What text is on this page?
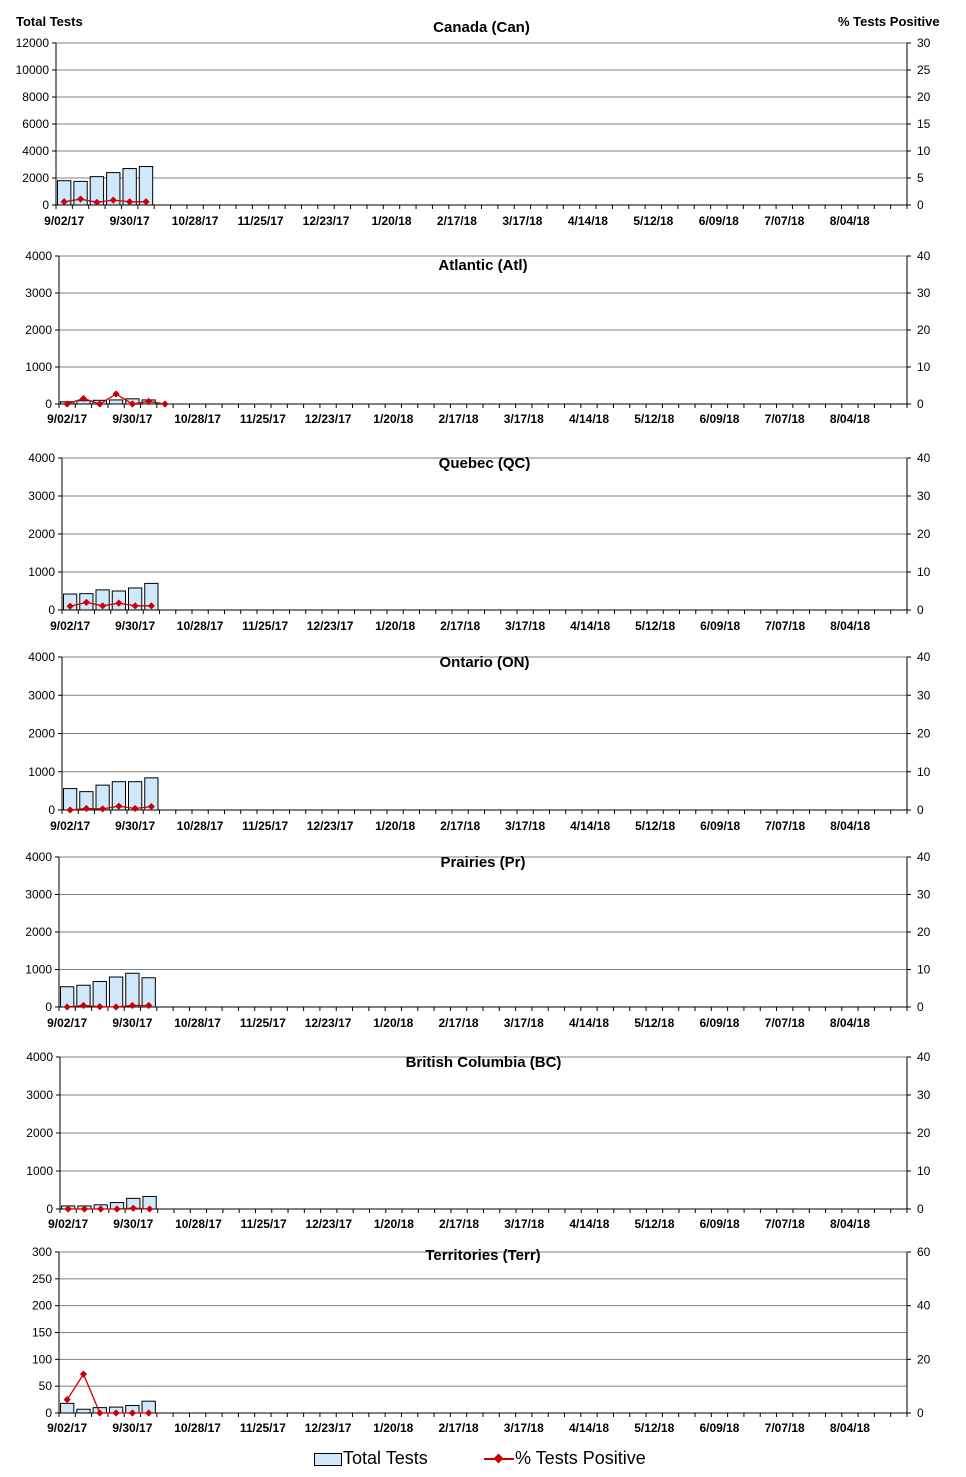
Total Tests	% Tests Positive
0
2000
4000
6000
8000
10000
12000
0
5
10
15
20
25
30
9/02/17 9/30/17 10/28/17 11/25/17 12/23/17 1/20/18 2/17/18 3/17/18 4/14/18 5/12/18 6/09/18 7/07/18 8/04/18
Canada (Can)
0
1000
2000
3000
4000
0
10
20
30
40
9/02/17 9/30/17 10/28/17 11/25/17 12/23/17 1/20/18 2/17/18 3/17/18 4/14/18 5/12/18 6/09/18 7/07/18 8/04/18
Atlantic (Atl)
0
1000
2000
3000
4000
0
10
20
30
40
9/02/17 9/30/17 10/28/17 11/25/17 12/23/17 1/20/18 2/17/18 3/17/18 4/14/18 5/12/18 6/09/18 7/07/18 8/04/18
Quebec (QC)
0
1000
2000
3000
4000
0
10
20
30
40
9/02/17 9/30/17 10/28/17 11/25/17 12/23/17 1/20/18 2/17/18 3/17/18 4/14/18 5/12/18 6/09/18 7/07/18 8/04/18
Ontario (ON)
0
1000
2000
3000
4000
0
10
20
30
40
9/02/17 9/30/17 10/28/17 11/25/17 12/23/17 1/20/18 2/17/18 3/17/18 4/14/18 5/12/18 6/09/18 7/07/18 8/04/18
Prairies (Pr)
0
1000
2000
3000
4000
0
10
20
30
40
9/02/17 9/30/17 10/28/17 11/25/17 12/23/17 1/20/18 2/17/18 3/17/18 4/14/18 5/12/18 6/09/18 7/07/18 8/04/18
British Columbia (BC)
0
50
100
150
200
250
300
0
20
40
60
9/02/17 9/30/17 10/28/17 11/25/17 12/23/17 1/20/18 2/17/18 3/17/18 4/14/18 5/12/18 6/09/18 7/07/18 8/04/18
Territories (Terr)
Total Tests	% Tests Positive
